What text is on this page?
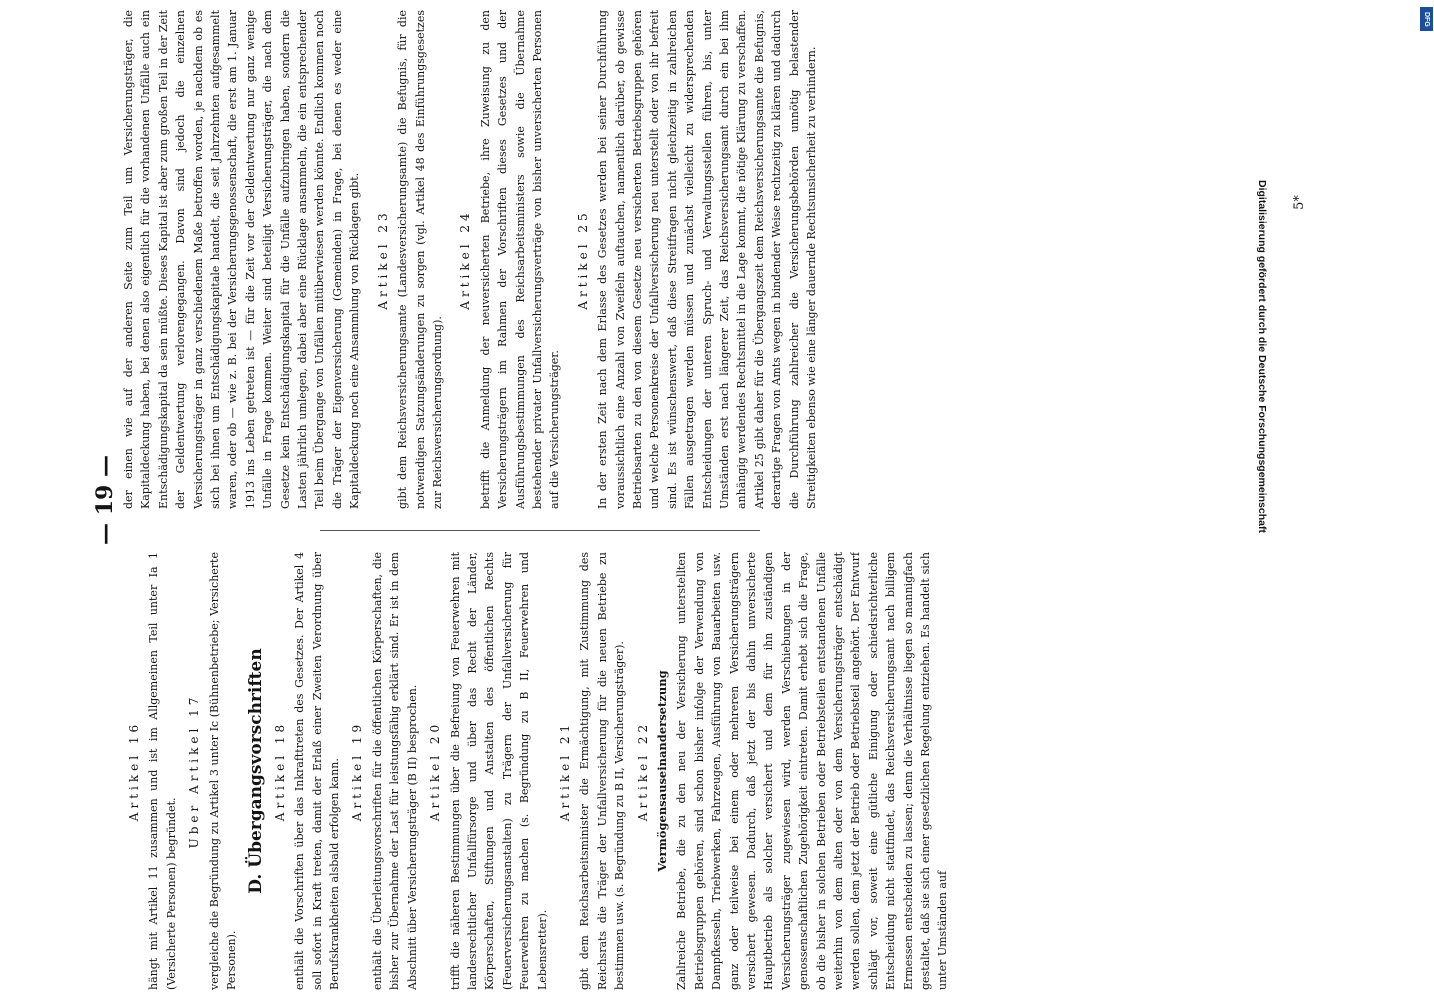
— 19 —

Artikel 16 hängt mit Artikel 11 zusammen und ist im Allgemeinen Teil unter Ia 1 (Versicherte Personen) begründet.

Uber Artikel 17 vergleiche die Begründung zu Artikel 3 unter Ic (Bühnenbetriebe; Versicherte Personen).

D. Übergangsvorschriften Artikel 18 enthält die Vorschriften über das Inkrafttreten des Gesetzes. Der Artikel 4 soll sofort in Kraft treten, damit der Erlaß einer Zweiten Verordnung über Berufskrankheiten alsbald erfolgen kann. Artikel 19 enthält die Überleitungsvorschriften für die öffentlichen Körperschaften, die bisher zur Übernahme der Last für leistungsfähig erklärt sind. Er ist in dem Abschnitt über Versicherungsträger (B II) besprochen. Artikel 20 trifft die näheren Bestimmungen über die Befreiung von Feuerwehren mit landesrechtlicher Unfallfürsorge und über das Recht der Länder, Körperschaften, Stiftungen und Anstalten des öffentlichen Rechts (Feuerversicherungsanstalten) zu Trägern der Unfallversicherung für Feuerwehren zu machen (s. Begründung zu B II, Feuerwehren und Lebensretter).

Artikel 21 gibt dem Reichsarbeitsminister die Ermächtigung, mit Zustimmung des Reichsrats die Träger der Unfallversicherung für die neuen Betriebe zu bestimmen usw. (s. Begründung zu B II, Versicherungsträger). Artikel 22 Vermögensauseinandersetzung Zahlreiche Betriebe, die zu den neu der Versicherung unterstellten Betriebsgruppen gehören, sind schon bisher infolge der Verwendung von Dampfkesseln, Triebwerken, Fahrzeugen, Ausführung von Bauarbeiten usw. ganz oder teilweise bei einem oder mehreren Versicherungsträgern versichert gewesen. Dadurch, daß jetzt der bis dahin unversicherte Hauptbetrieb als solcher versichert und dem für ihn zuständigen Versicherungsträger zugewiesen wird, werden Verschiebungen in der genossenschaftlichen Zugehörigkeit eintreten. Damit erhebt sich die Frage, ob die bisher in solchen Betrieben oder Betriebsteilen entstandenen Unfälle weiterhin von dem alten oder von dem Versicherungsträger entschädigt werden sollen, dem jetzt der Betrieb oder Betriebsteil angehört. Der Entwurf schlägt vor, soweit eine gütliche Einigung oder schiedsrichterliche Entscheidung nicht stattfindet, das Reichsversicherungsamt nach billigem Ermessen entscheiden zu lassen; denn die Verhältnisse liegen so mannigfach gestaltet, daß sie sich einer gesetzlichen Regelung entziehen. Es handelt sich unter Umständen auf

der einen wie auf der anderen Seite zum Teil um Versicherungsträger, die Kapitaldeckung haben, bei denen also eigentlich für die vorhandenen Unfälle auch ein Entschädigungskapital da sein müßte. Dieses Kapital ist aber zum großen Teil in der Zeit der Geldentwertung verlorengegangen. Davon sind jedoch die einzelnen Versicherungsträger in ganz verschiedenem Maße betroffen worden, je nachdem ob es sich bei ihnen um Entschädigungskapitale handelt, die seit Jahrzehnten aufgesammelt waren, oder ob — wie z. B. bei der Versicherungsgenossenschaft, die erst am 1. Januar 1913 ins Leben getreten ist — für die Zeit vor der Geldentwertung nur ganz wenige Unfälle in Frage kommen. Weiter sind beteiligt Versicherungsträger, die nach dem Gesetze kein Entschädigungskapital für die Unfälle aufzubringen haben, sondern die Lasten jährlich umlegen, dabei aber eine Rücklage ansammeln, die ein entsprechender Teil beim Übergange von Unfällen mitüberwiesen werden könnte. Endlich kommen noch die Träger der Eigenversicherung (Gemeinden) in Frage, bei denen es weder eine Kapitaldeckung noch eine Ansammlung von Rücklagen gibt. Artikel 23 gibt dem Reichsversicherungsamte (Landesversicherungsamte) die Befugnis, für die notwendigen Satzungsänderungen zu sorgen (vgl. Artikel 48 des Einführungsgesetzes zur Reichsversicherungsordnung).

Artikel 24 betrifft die Anmeldung der neuversicherten Betriebe, ihre Zuweisung zu den Versicherungsträgern im Rahmen der Vorschriften dieses Gesetzes und der Ausführungsbestimmungen des Reichsarbeitsministers sowie die Übernahme bestehender privater Unfallversicherungsverträge von bisher unversicherten Personen auf die Versicherungsträger.

Artikel 25 In der ersten Zeit nach dem Erlasse des Gesetzes werden bei seiner Durchführung voraussichtlich eine Anzahl von Zweifeln auftauchen, namentlich darüber, ob gewisse Betriebsarten zu den von diesem Gesetze neu versicherten Betriebsgruppen gehören und welche Personenkreise der Unfallversicherung neu unterstellt oder von ihr befreit sind. Es ist wünschenswert, daß diese Streitfragen nicht gleichzeitig in zahlreichen Fällen ausgetragen werden müssen und zunächst vielleicht zu widersprechenden Entscheidungen der unteren Spruch- und Verwaltungsstellen führen, bis, unter Umständen erst nach längerer Zeit, das Reichsversicherungsamt durch ein bei ihm anhängig werdendes Rechtsmittel in die Lage kommt, die nötige Klärung zu verschaffen. Artikel 25 gibt daher für die Übergangszeit dem Reichsversicherungsamte die Befugnis, derartige Fragen von Amts wegen in bindender Weise rechtzeitig zu klären und dadurch die Durchführung zahlreicher die Versicherungsbehörden unnötig belastender Streitigkeiten ebenso wie eine länger dauernde Rechtsunsicherheit zu verhindern.	5*
Digitalisierung gefördert durch die Deutsche Forschungsgemeinschaft
DFG
